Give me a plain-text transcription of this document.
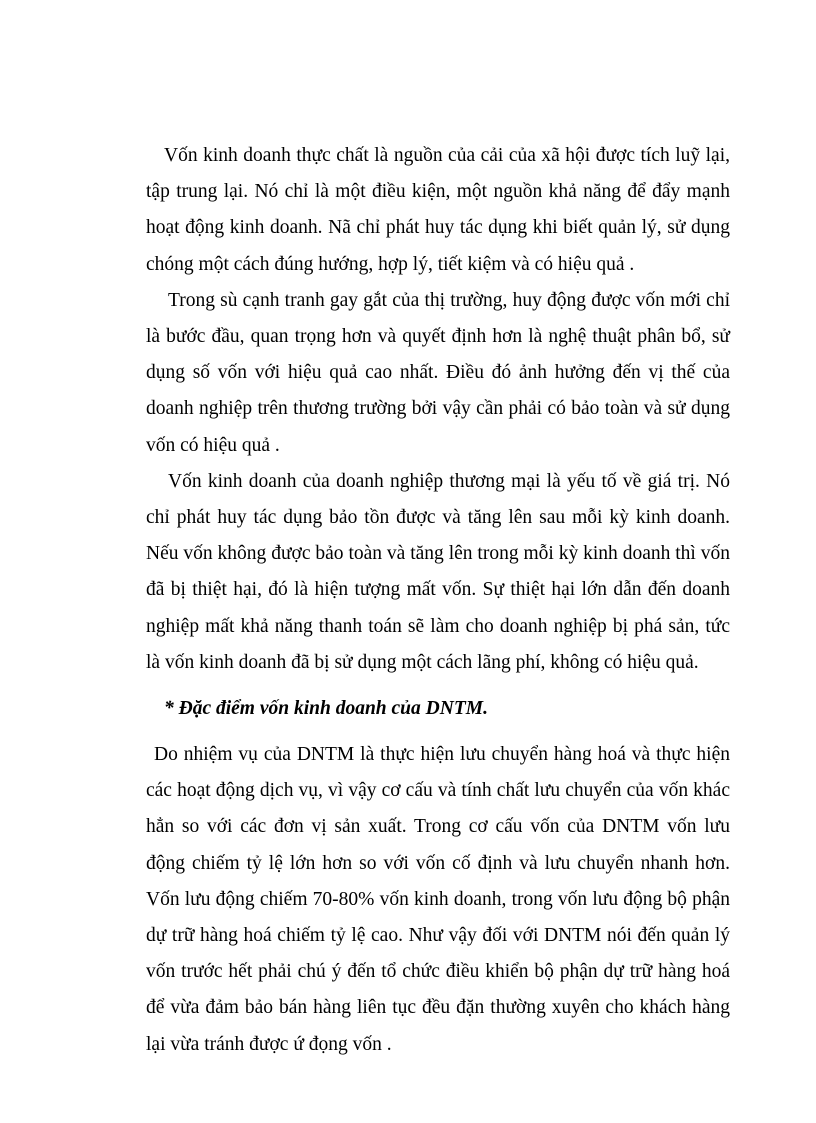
Vốn kinh doanh thực chất là nguồn của cải của xã hội được tích luỹ lại, tập trung lại. Nó chỉ là một điều kiện, một nguồn khả năng để đẩy mạnh hoạt động kinh doanh. Nã chỉ phát huy tác dụng khi biết quản lý, sử dụng chóng một cách đúng hướng, hợp lý, tiết kiệm và có hiệu quả .

Trong sù cạnh tranh gay gắt của thị trường, huy động được vốn mới chỉ là bước đầu, quan trọng hơn và quyết định hơn là nghệ thuật phân bổ, sử dụng số vốn với hiệu quả cao nhất. Điều đó ảnh hưởng đến vị thế của doanh nghiệp trên thương trường bởi vậy cần phải có bảo toàn và sử dụng vốn có hiệu quả .

Vốn kinh doanh của doanh nghiệp thương mại là yếu tố về giá trị. Nó chỉ phát huy tác dụng bảo tồn được và tăng lên sau mỗi kỳ kinh doanh. Nếu vốn không được bảo toàn và tăng lên trong mỗi kỳ kinh doanh thì vốn đã bị thiệt hại, đó là hiện tượng mất vốn. Sự thiệt hại lớn dẫn đến doanh nghiệp mất khả năng thanh toán sẽ làm cho doanh nghiệp bị phá sản, tức là vốn kinh doanh đã bị sử dụng một cách lãng phí, không có hiệu quả.

* Đặc điểm vốn kinh doanh của DNTM.

Do nhiệm vụ của DNTM là thực hiện lưu chuyển hàng hoá và thực hiện các hoạt động dịch vụ, vì vậy cơ cấu và tính chất lưu chuyển của vốn khác hẳn so với các đơn vị sản xuất. Trong cơ cấu vốn của DNTM vốn lưu động chiếm tỷ lệ lớn hơn so với vốn cố định và lưu chuyển nhanh hơn. Vốn lưu động chiếm 70-80% vốn kinh doanh, trong vốn lưu động bộ phận dự trữ hàng hoá chiếm tỷ lệ cao. Như vậy đối với DNTM nói đến quản lý vốn trước hết phải chú ý đến tổ chức điều khiển bộ phận dự trữ hàng hoá để vừa đảm bảo bán hàng liên tục đều đặn thường xuyên cho khách hàng lại vừa tránh được ứ đọng vốn .
